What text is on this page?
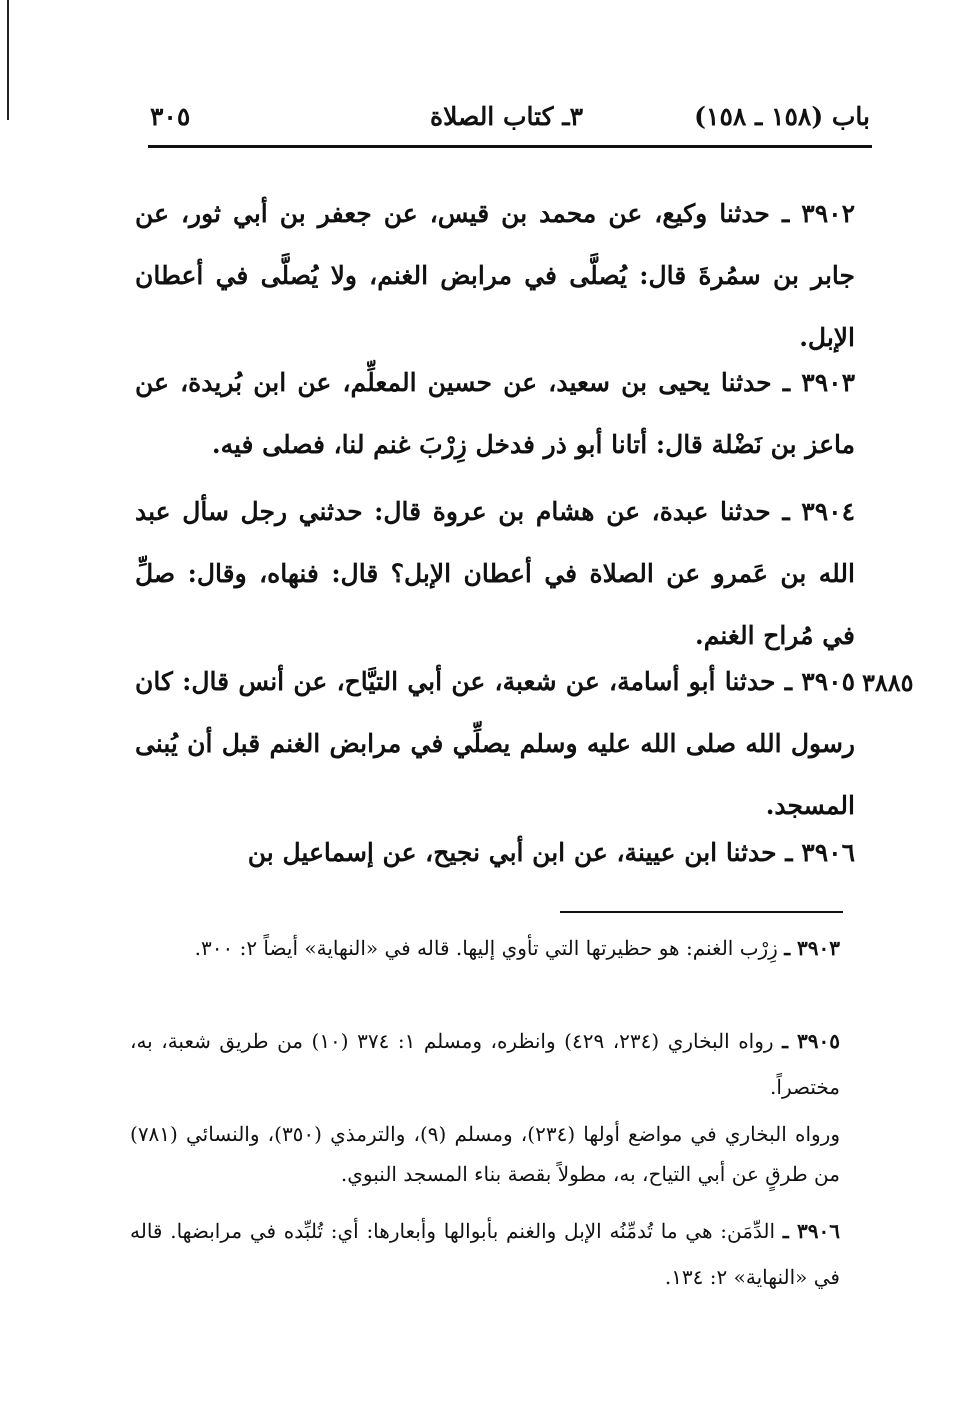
٣٠٥	٣ـ كتاب الصلاة	باب (١٥٨ ـ ١٥٨)
٣٩٠٢ ـ حدثنا وكيع، عن محمد بن قيس، عن جعفر بن أبي ثور، عن جابر بن سمُرةَ قال: يُصلَّى في مرابض الغنم، ولا يُصلَّى في أعطان الإبل.
٣٩٠٣ ـ حدثنا يحيى بن سعيد، عن حسين المعلِّم، عن ابن بُريدة، عن ماعز بن نَضْلة قال: أتانا أبو ذر فدخل زِرْبَ غنم لنا، فصلى فيه.
٣٩٠٤ ـ حدثنا عبدة، عن هشام بن عروة قال: حدثني رجل سأل عبد الله بن عَمرو عن الصلاة في أعطان الإبل؟ قال: فنهاه، وقال: صلِّ في مُراح الغنم.
٣٨٨٥
٣٩٠٥ ـ حدثنا أبو أسامة، عن شعبة، عن أبي التيَّاح، عن أنس قال: كان رسول الله صلى الله عليه وسلم يصلِّي في مرابض الغنم قبل أن يُبنى المسجد.
٣٩٠٦ ـ حدثنا ابن عيينة، عن ابن أبي نجيح، عن إسماعيل بن
٣٩٠٣ ـ زِرْب الغنم: هو حظيرتها التي تأوي إليها. قاله في «النهاية» أيضاً ٢: ٣٠٠.
٣٩٠٥ ـ رواه البخاري (٢٣٤، ٤٢٩) وانظره، ومسلم ١: ٣٧٤ (١٠) من طريق شعبة، به، مختصراً.
ورواه البخاري في مواضع أولها (٢٣٤)، ومسلم (٩)، والترمذي (٣٥٠)، والنسائي (٧٨١) من طرقٍ عن أبي التياح، به، مطولاً بقصة بناء المسجد النبوي.
٣٩٠٦ ـ الدِّمَن: هي ما تُدمِّنُه الإبل والغنم بأبوالها وأبعارها: أي: تُلبِّده في مرابضها. قاله في «النهاية» ٢: ١٣٤.
